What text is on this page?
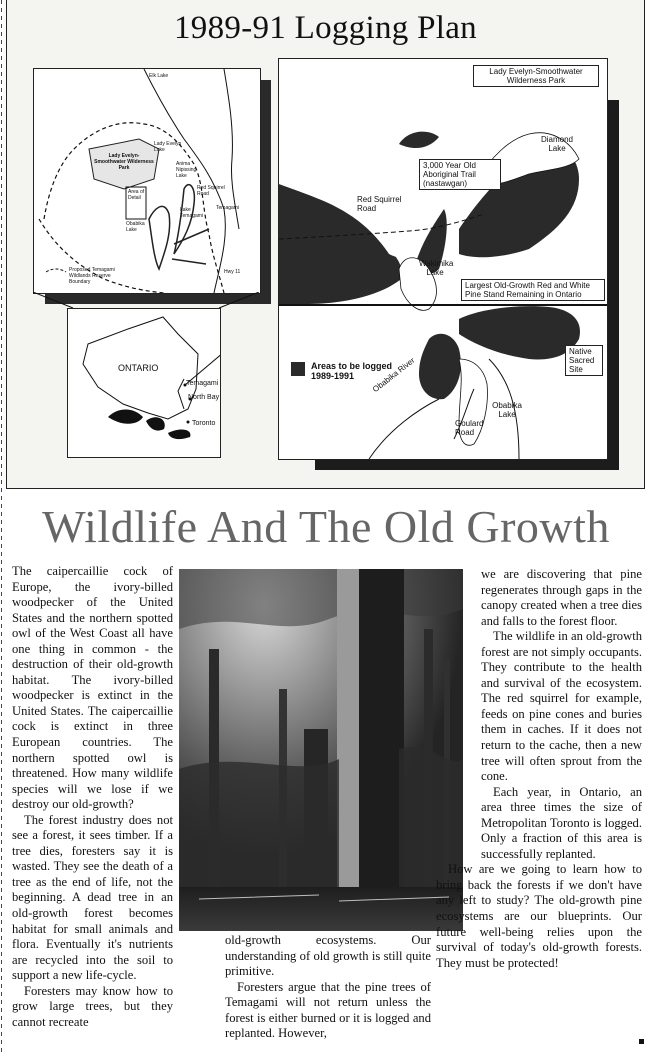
1989-91 Logging Plan
Elk Lake
Lady Evelyn-Smoothwater Wilderness Park
Lady Evelyn Lake
Anima Nipissing Lake
Area of Detail
Red Squirrel Road
Obabika Lake
Lake Temagami
Temagami
Hwy 11
Proposed Temagami Wildlands Reserve Boundary
ONTARIO
Temagami
North Bay
Toronto
Lady Evelyn-Smoothwater Wilderness Park
Diamond Lake
3,000 Year Old Aboriginal Trail (nastawgan)
Red Squirrel Road
Wakimika Lake
Largest Old-Growth Red and White Pine Stand Remaining in Ontario
Areas to be logged 1989-1991
Native Sacred Site
Obabika River
Goulard Road
Obabika Lake
Wildlife And The Old Growth

The caipercaillie cock of Europe, the ivory-billed woodpecker of the United States and the northern spotted owl of the West Coast all have one thing in common - the destruction of their old-growth habitat. The ivory-billed woodpecker is extinct in the United States. The caipercaillie cock is extinct in three European countries. The northern spotted owl is threatened. How many wildlife species will we lose if we destroy our old-growth?

The forest industry does not see a forest, it sees timber. If a tree dies, foresters say it is wasted. They see the death of a tree as the end of life, not the beginning. A dead tree in an old-growth forest becomes habitat for small animals and flora. Eventually it's nutrients are recycled into the soil to support a new life-cycle.

Foresters may know how to grow large trees, but they cannot recreate

old-growth ecosystems. Our understanding of old growth is still quite primitive.

Foresters argue that the pine trees of Temagami will not return unless the forest is either burned or it is logged and replanted. However,

we are discovering that pine regenerates through gaps in the canopy created when a tree dies and falls to the forest floor.

The wildlife in an old-growth forest are not simply occupants. They contribute to the health and survival of the ecosystem. The red squirrel for example, feeds on pine cones and buries them in caches. If it does not return to the cache, then a new tree will often sprout from the cone.

Each year, in Ontario, an area three times the size of Metropolitan Toronto is logged. Only a fraction of this area is successfully replanted.

How are we going to learn how to bring back the forests if we don't have any left to study? The old-growth pine ecosystems are our blueprints. Our future well-being relies upon the survival of today's old-growth forests. They must be protected!
